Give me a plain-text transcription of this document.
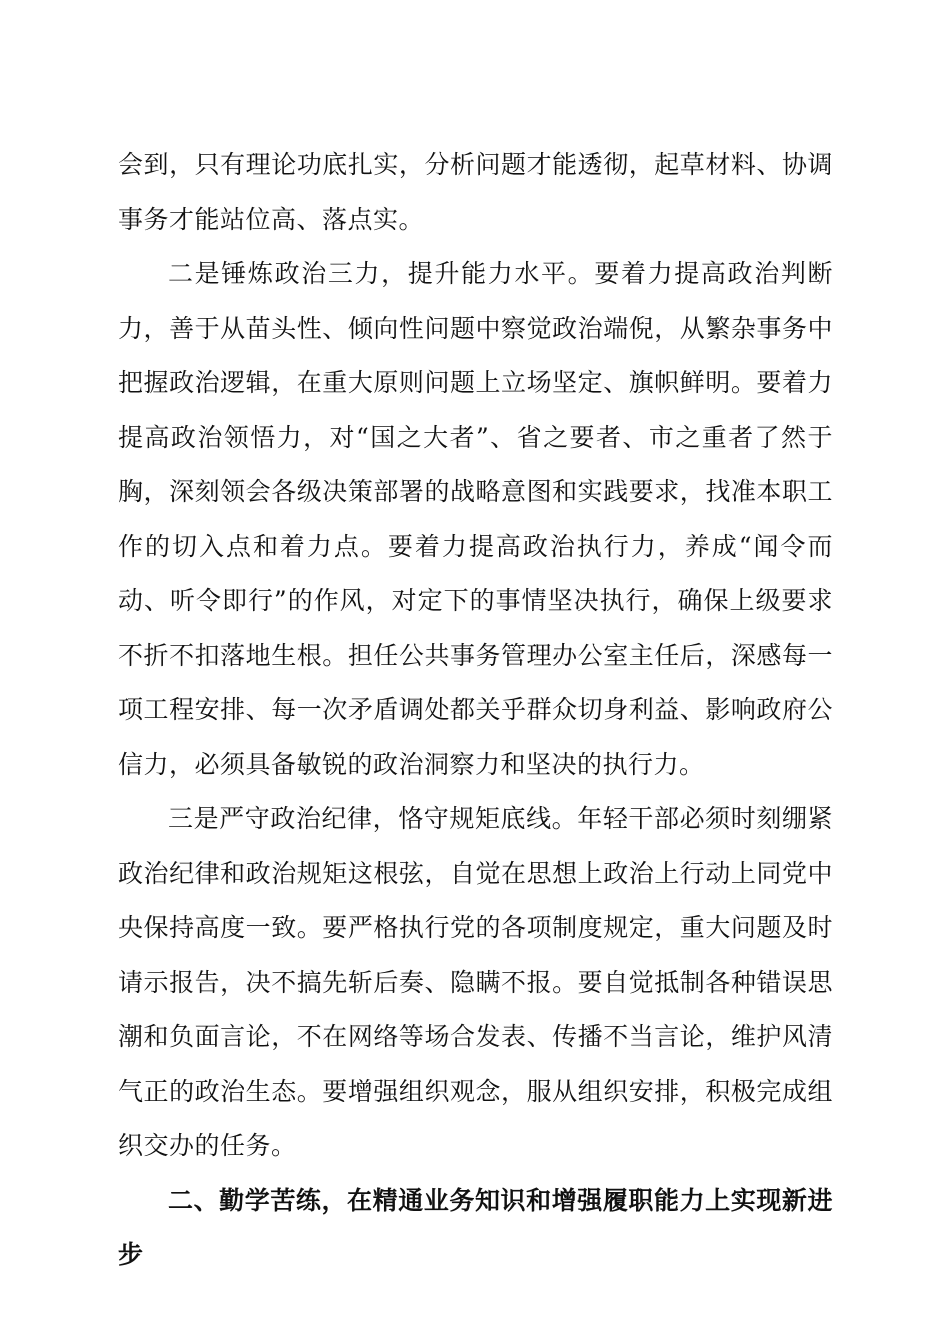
会到，只有理论功底扎实，分析问题才能透彻，起草材料、协调事务才能站位高、落点实。

二是锤炼政治三力，提升能力水平。要着力提高政治判断力，善于从苗头性、倾向性问题中察觉政治端倪，从繁杂事务中把握政治逻辑，在重大原则问题上立场坚定、旗帜鲜明。要着力提高政治领悟力，对“国之大者”、省之要者、市之重者了然于胸，深刻领会各级决策部署的战略意图和实践要求，找准本职工作的切入点和着力点。要着力提高政治执行力，养成“闻令而动、听令即行”的作风，对定下的事情坚决执行，确保上级要求不折不扣落地生根。担任公共事务管理办公室主任后，深感每一项工程安排、每一次矛盾调处都关乎群众切身利益、影响政府公信力，必须具备敏锐的政治洞察力和坚决的执行力。

三是严守政治纪律，恪守规矩底线。年轻干部必须时刻绷紧政治纪律和政治规矩这根弦，自觉在思想上政治上行动上同党中央保持高度一致。要严格执行党的各项制度规定，重大问题及时请示报告，决不搞先斩后奏、隐瞒不报。要自觉抵制各种错误思潮和负面言论，不在网络等场合发表、传播不当言论，维护风清气正的政治生态。要增强组织观念，服从组织安排，积极完成组织交办的任务。

二、勤学苦练，在精通业务知识和增强履职能力上实现新进步
